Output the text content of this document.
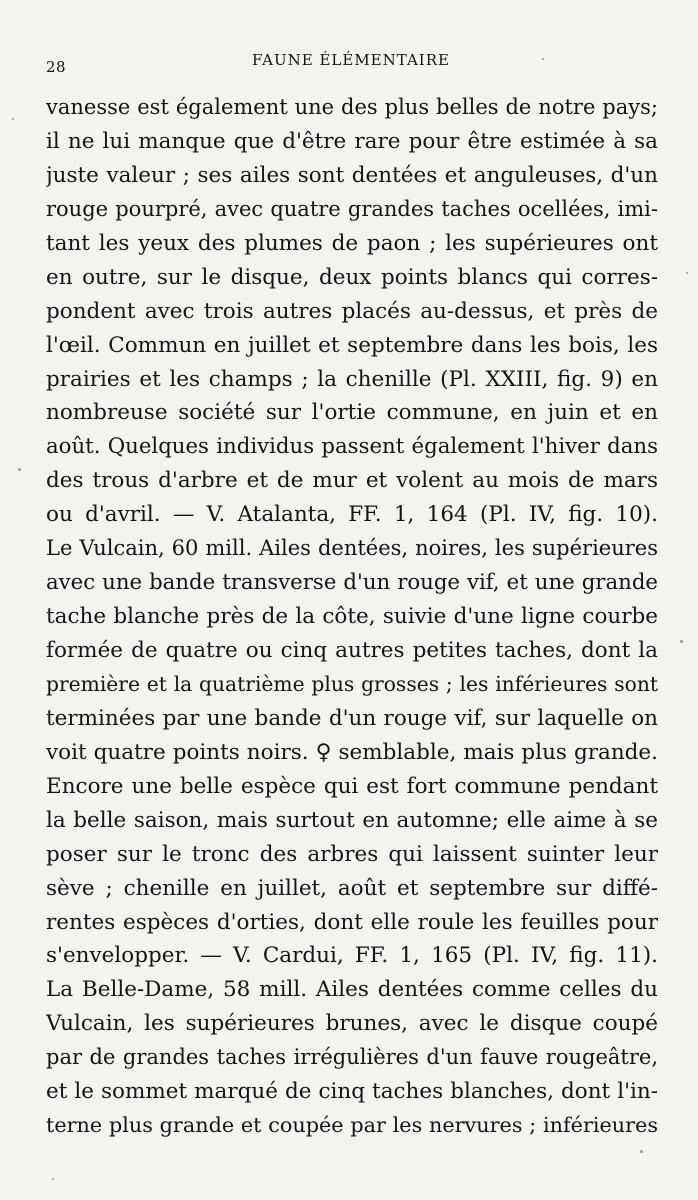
28	FAUNE ÉLÉMENTAIRE
vanesse est également une des plus belles de notre pays;
il ne lui manque que d'être rare pour être estimée à sa
juste valeur ; ses ailes sont dentées et anguleuses, d'un
rouge pourpré, avec quatre grandes taches ocellées, imi-
tant les yeux des plumes de paon ; les supérieures ont
en outre, sur le disque, deux points blancs qui corres-
pondent avec trois autres placés au-dessus, et près de
l'œil. Commun en juillet et septembre dans les bois, les
prairies et les champs ; la chenille (Pl. XXIII, fig. 9) en
nombreuse société sur l'ortie commune, en juin et en
août. Quelques individus passent également l'hiver dans
des trous d'arbre et de mur et volent au mois de mars
ou d'avril. — V. Atalanta, FF. 1, 164 (Pl. IV, fig. 10).
Le Vulcain, 60 mill. Ailes dentées, noires, les supérieures
avec une bande transverse d'un rouge vif, et une grande
tache blanche près de la côte, suivie d'une ligne courbe
formée de quatre ou cinq autres petites taches, dont la
première et la quatrième plus grosses ; les inférieures sont
terminées par une bande d'un rouge vif, sur laquelle on
voit quatre points noirs. ♀ semblable, mais plus grande.
Encore une belle espèce qui est fort commune pendant
la belle saison, mais surtout en automne; elle aime à se
poser sur le tronc des arbres qui laissent suinter leur
sève ; chenille en juillet, août et septembre sur diffé-
rentes espèces d'orties, dont elle roule les feuilles pour
s'envelopper. — V. Cardui, FF. 1, 165 (Pl. IV, fig. 11).
La Belle-Dame, 58 mill. Ailes dentées comme celles du
Vulcain, les supérieures brunes, avec le disque coupé
par de grandes taches irrégulières d'un fauve rougeâtre,
et le sommet marqué de cinq taches blanches, dont l'in-
terne plus grande et coupée par les nervures ; inférieures
